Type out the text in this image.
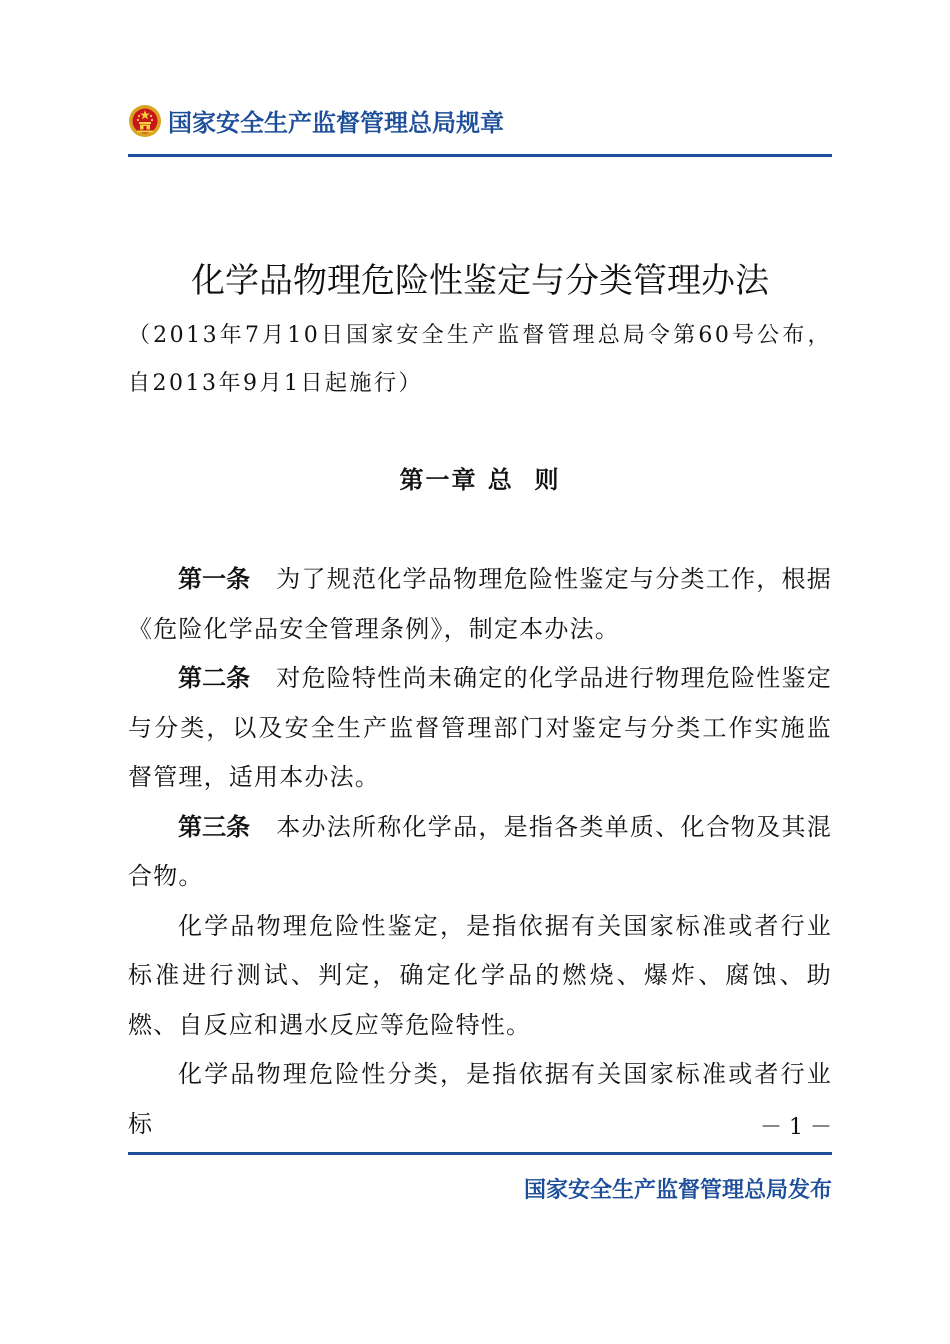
国家安全生产监督管理总局规章
化学品物理危险性鉴定与分类管理办法
（2013年7月10日国家安全生产监督管理总局令第60号公布，自2013年9月1日起施行）
第一章 总  则

第一条 为了规范化学品物理危险性鉴定与分类工作，根据《危险化学品安全管理条例》，制定本办法。

第二条 对危险特性尚未确定的化学品进行物理危险性鉴定与分类，以及安全生产监督管理部门对鉴定与分类工作实施监督管理，适用本办法。

第三条 本办法所称化学品，是指各类单质、化合物及其混合物。

化学品物理危险性鉴定，是指依据有关国家标准或者行业标准进行测试、判定，确定化学品的燃烧、爆炸、腐蚀、助燃、自反应和遇水反应等危险特性。

化学品物理危险性分类，是指依据有关国家标准或者行业标	－ 1 －
国家安全生产监督管理总局发布
